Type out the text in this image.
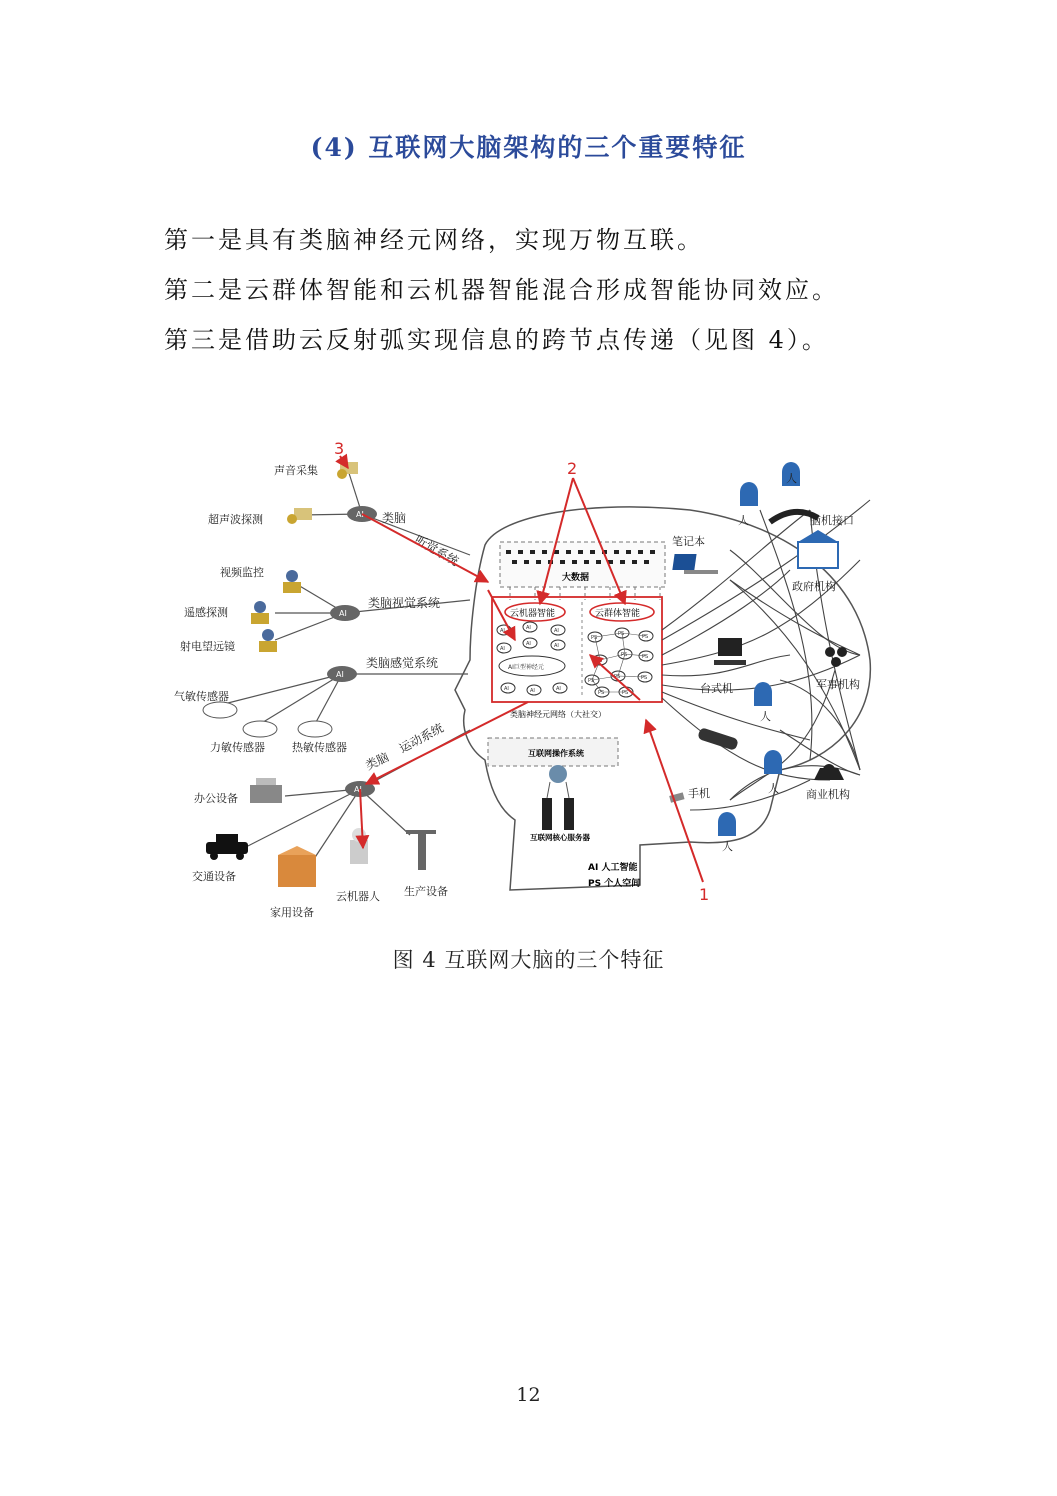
(4) 互联网大脑架构的三个重要特征
第一是具有类脑神经元网络，实现万物互联。
第二是云群体智能和云机器智能混合形成智能协同效应。
第三是借助云反射弧实现信息的跨节点传递（见图 4）。
大数据
云机器智能	云群体智能
AI	AI	AI
AI
AI	AI
AI	AI	AI
AI巨型神经元
PS
PS	PS
PS
PS	PS
PS
PS	PS
PS	PS
类脑神经元网络（大社交）
互联网操作系统
互联网核心服务器
AI 人工智能
PS 个人空间
AI
AI
AI
AI
声音采集
超声波探测
视频监控
遥感探测
射电望远镜
气敏传感器
力敏传感器 热敏传感器
办公设备
交通设备
家用设备
云机器人 生产设备
类脑
听觉系统
类脑视觉系统
类脑感觉系统
类脑
运动系统
人
人
脑机接口
笔记本
政府机构
台式机
人
军事机构
人
手机	商业机构
人
3
2
1
图 4 互联网大脑的三个特征
12
